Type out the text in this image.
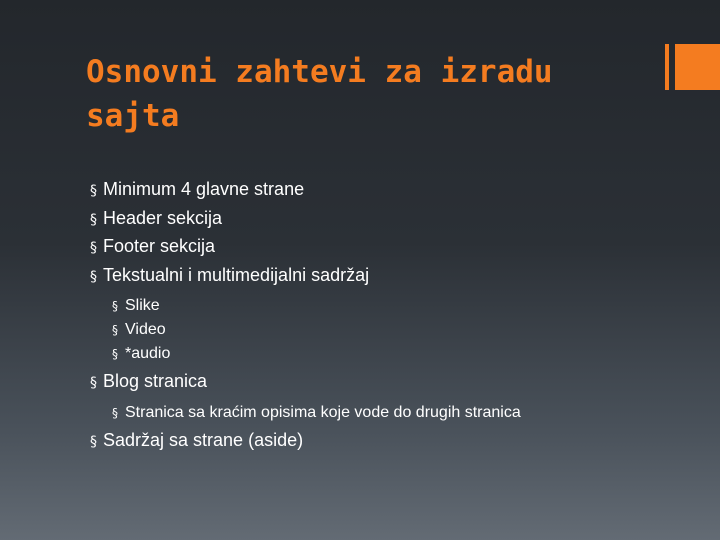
Osnovni zahtevi za izradu sajta
§ Minimum 4 glavne strane
§ Header sekcija
§ Footer sekcija
§ Tekstualni i multimedijalni sadržaj
§ Slike
§ Video
§ *audio
§ Blog stranica
§ Stranica sa kraćim opisima koje vode do drugih stranica
§ Sadržaj sa strane (aside)
